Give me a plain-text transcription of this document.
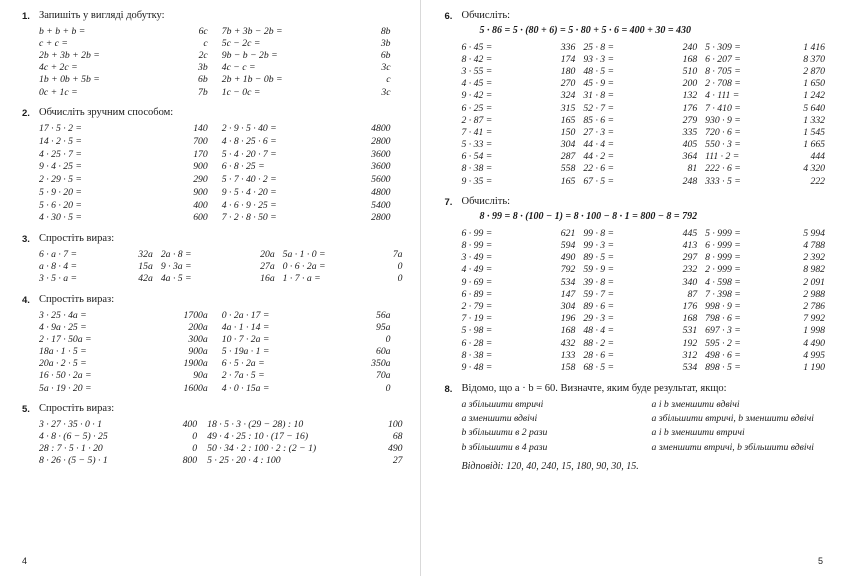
1. Запишіть у вигляді добутку:
b + b + b =	6c	7b + 3b − 2b =	8b
c + c =	c	5c − 2c =	3b
2b + 3b + 2b =	2c	9b − b − 2b =	6b
4c + 2c =	3b	4c − c =	3c
1b + 0b + 5b =	6b	2b + 1b − 0b =	c
0c + 1c =	7b	1c − 0c =	3c
2. Обчисліть зручним способом:
17 · 5 · 2 =	140	2 · 9 · 5 · 40 =	4800
14 · 2 · 5 =	700	4 · 8 · 25 · 6 =	2800
4 · 25 · 7 =	170	5 · 4 · 20 · 7 =	3600
9 · 4 · 25 =	900	6 · 8 · 25 =	3600
2 · 29 · 5 =	290	5 · 7 · 40 · 2 =	5600
5 · 9 · 20 =	900	9 · 5 · 4 · 20 =	4800
5 · 6 · 20 =	400	4 · 6 · 9 · 25 =	5400
4 · 30 · 5 =	600	7 · 2 · 8 · 50 =	2800
3. Спростіть вираз:
6 · a · 7 =	32a	2a · 8 =	20a	5a · 1 · 0 =	7a
a · 8 · 4 =	15a	9 · 3a =	27a	0 · 6 · 2a =	0
3 · 5 · a =	42a	4a · 5 =	16a	1 · 7 · a =	0
4. Спростіть вираз:
3 · 25 · 4a =	1700a	0 · 2a · 17 =	56a
4 · 9a · 25 =	200a	4a · 1 · 14 =	95a
2 · 17 · 50a =	300a	10 · 7 · 2a =	0
18a · 1 · 5 =	900a	5 · 19a · 1 =	60a
20a · 2 · 5 =	1900a	6 · 5 · 2a =	350a
16 · 50 · 2a =	90a	2 · 7a · 5 =	70a
5a · 19 · 20 =	1600a	4 · 0 · 15a =	0
5. Спростіть вираз:
3 · 27 · 35 · 0 · 1	400	18 · 5 · 3 · (29 − 28) : 10	100
4 · 8 · (6 − 5) · 25	0	49 · 4 · 25 : 10 · (17 − 16)	68
28 : 7 · 5 · 1 · 20	0	50 · 34 · 2 : 100 · 2 : (2 − 1)	490
8 · 26 · (5 − 5) · 1	800	5 · 25 · 20 · 4 : 100	27
4
6. Обчисліть:
5 · 86 = 5 · (80 + 6) = 5 · 80 + 5 · 6 = 400 + 30 = 430
6 · 45 =	336	25 · 8 =	240	5 · 309 =	1 416
8 · 42 =	174	93 · 3 =	168	6 · 207 =	8 370
3 · 55 =	180	48 · 5 =	510	8 · 705 =	2 870
4 · 45 =	270	45 · 9 =	200	2 · 708 =	1 650
9 · 42 =	324	31 · 8 =	132	4 · 111 =	1 242
6 · 25 =	315	52 · 7 =	176	7 · 410 =	5 640
2 · 87 =	165	85 · 6 =	279	930 · 9 =	1 332
7 · 41 =	150	27 · 3 =	335	720 · 6 =	1 545
5 · 33 =	304	44 · 4 =	405	550 · 3 =	1 665
6 · 54 =	287	44 · 2 =	364	111 · 2 =	444
8 · 38 =	558	22 · 6 =	81	222 · 6 =	4 320
9 · 35 =	165	67 · 5 =	248	333 · 5 =	222
7. Обчисліть:
8 · 99 = 8 · (100 − 1) = 8 · 100 − 8 · 1 = 800 − 8 = 792
6 · 99 =	621	99 · 8 =	445	5 · 999 =	5 994
8 · 99 =	594	99 · 3 =	413	6 · 999 =	4 788
3 · 49 =	490	89 · 5 =	297	8 · 999 =	2 392
4 · 49 =	792	59 · 9 =	232	2 · 999 =	8 982
9 · 69 =	534	39 · 8 =	340	4 · 598 =	2 091
6 · 89 =	147	59 · 7 =	87	7 · 398 =	2 988
2 · 79 =	304	89 · 6 =	176	998 · 9 =	2 786
7 · 19 =	196	29 · 3 =	168	798 · 6 =	7 992
5 · 98 =	168	48 · 4 =	531	697 · 3 =	1 998
6 · 28 =	432	88 · 2 =	192	595 · 2 =	4 490
8 · 38 =	133	28 · 6 =	312	498 · 6 =	4 995
9 · 48 =	158	68 · 5 =	534	898 · 5 =	1 190
8. Відомо, що a · b = 60. Визначте, яким буде результат, якщо:
a збільшити втричі	a і b зменшити вдвічі
a зменшити вдвічі	a збільшити втричі, b зменшити вдвічі
b збільшити в 2 рази	a і b зменшити втричі
b збільшити в 4 рази	a зменшити втричі, b збільшити вдвічі
Відповіді: 120, 40, 240, 15, 180, 90, 30, 15.
5
